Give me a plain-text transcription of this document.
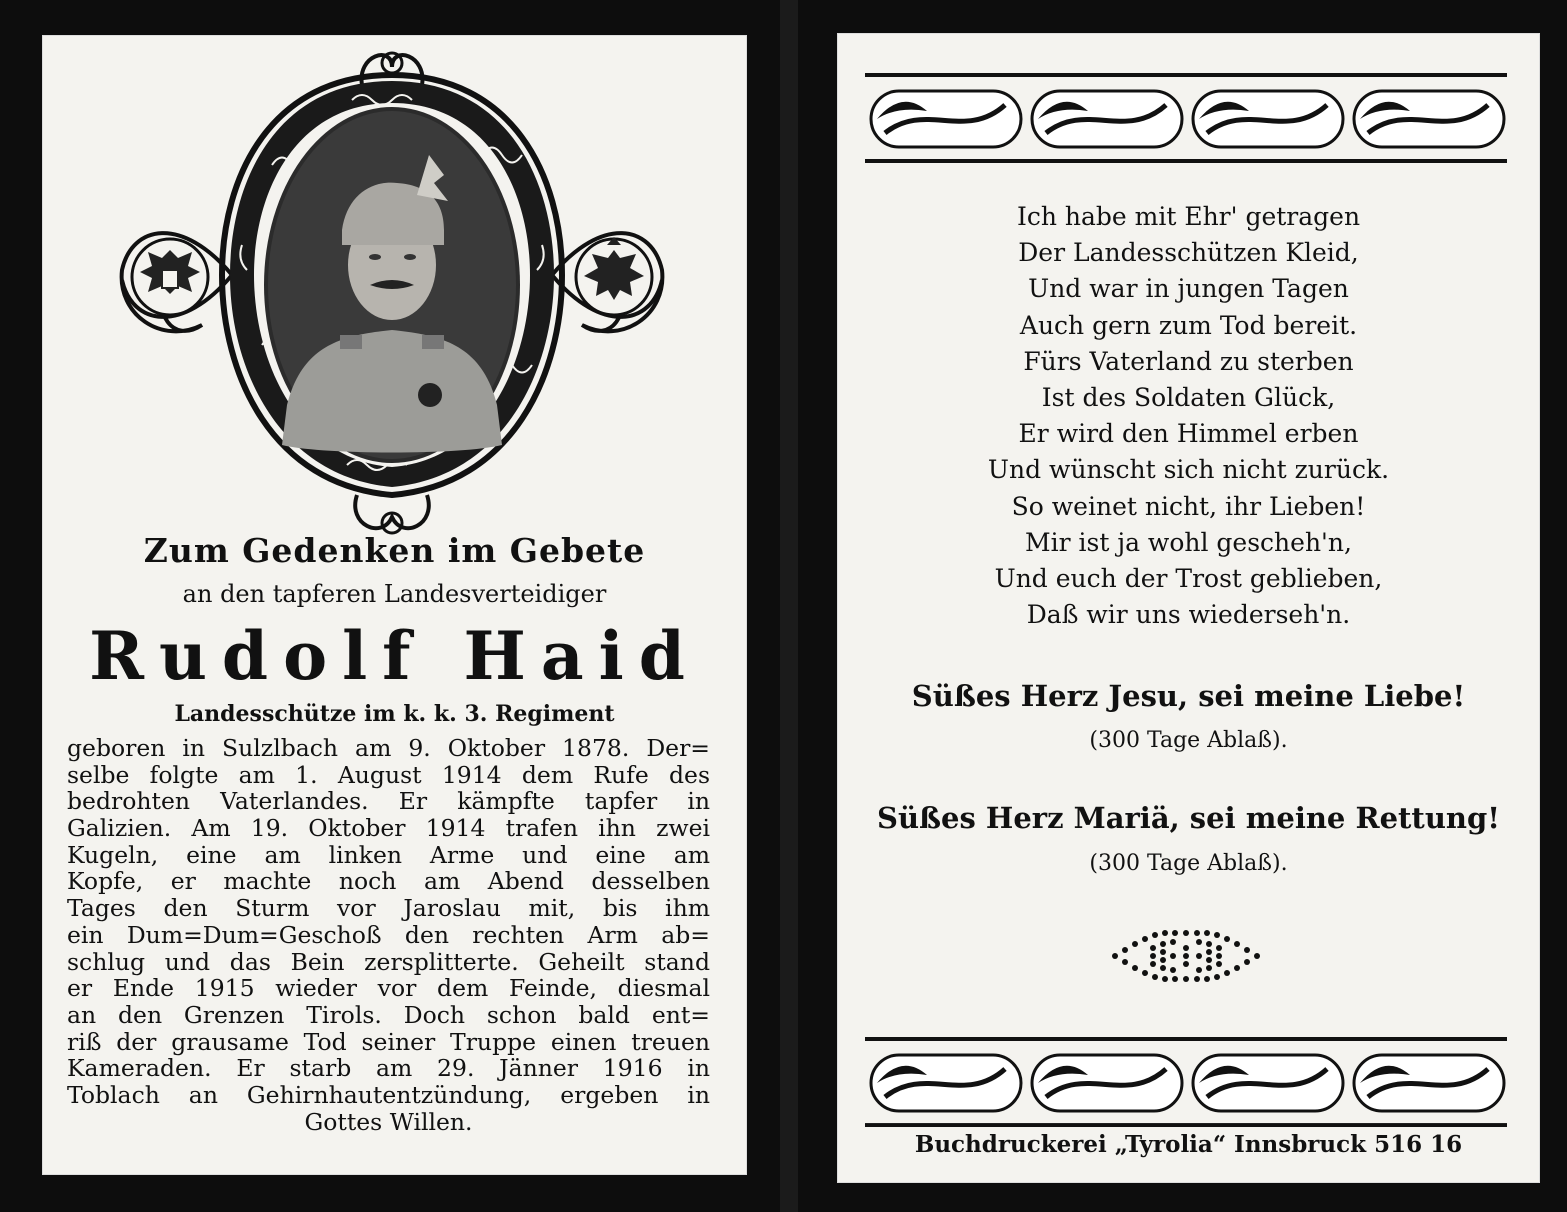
Zum Gedenken im Gebete
an den tapferen Landesverteidiger
Rudolf Haid
Landesschütze im k. k. 3. Regiment
geboren in Sulzlbach am 9. Oktober 1878. Der=
selbe folgte am 1. August 1914 dem Rufe des
bedrohten Vaterlandes. Er kämpfte tapfer in
Galizien. Am 19. Oktober 1914 trafen ihn zwei
Kugeln, eine am linken Arme und eine am
Kopfe, er machte noch am Abend desselben
Tages den Sturm vor Jaroslau mit, bis ihm
ein Dum=Dum=Geschoß den rechten Arm ab=
schlug und das Bein zersplitterte. Geheilt stand
er Ende 1915 wieder vor dem Feinde, diesmal
an den Grenzen Tirols. Doch schon bald ent=
riß der grausame Tod seiner Truppe einen treuen
Kameraden. Er starb am 29. Jänner 1916 in
Toblach an Gehirnhautentzündung, ergeben in
Gottes Willen.
Ich habe mit Ehr' getragen
Der Landesschützen Kleid,
Und war in jungen Tagen
Auch gern zum Tod bereit.
Fürs Vaterland zu sterben
Ist des Soldaten Glück,
Er wird den Himmel erben
Und wünscht sich nicht zurück.
So weinet nicht, ihr Lieben!
Mir ist ja wohl gescheh'n,
Und euch der Trost geblieben,
Daß wir uns wiederseh'n.
Süßes Herz Jesu, sei meine Liebe!
(300 Tage Ablaß).
Süßes Herz Mariä, sei meine Rettung!
(300 Tage Ablaß).
Buchdruckerei „Tyrolia“ Innsbruck 516 16
